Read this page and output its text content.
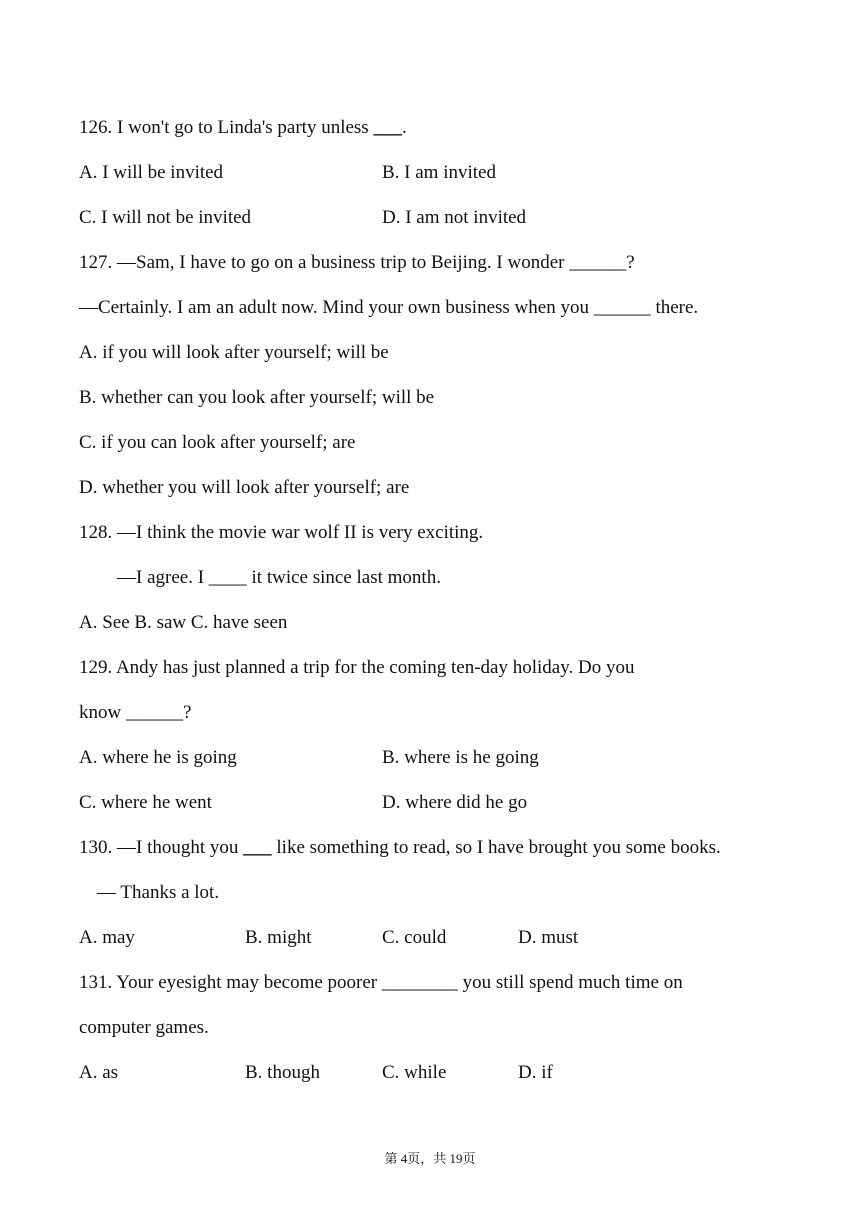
126. I won't go to Linda's party unless ___.
A. I will be invited	B. I am invited
C. I will not be invited	D. I am not invited
127. —Sam, I have to go on a business trip to Beijing. I wonder ______?
—Certainly. I am an adult now. Mind your own business when you ______ there.
A. if you will look after yourself; will be
B. whether can you look after yourself; will be
C. if you can look after yourself; are
D. whether you will look after yourself; are
128. —I think the movie war wolf II is very exciting.
—I agree. I ____ it twice since last month.
A. See B. saw C. have seen
129. Andy has just planned a trip for the coming ten-day holiday. Do you
know ______?
A. where he is going	B. where is he going
C. where he went	D. where did he go
130. —I thought you ___ like something to read, so I have brought you some books.
— Thanks a lot.
A. may	B. might	C. could	D. must
131. Your eyesight may become poorer ________ you still spend much time on
computer games.
A. as	B. though	C. while	D. if
第 4页，共 19页
